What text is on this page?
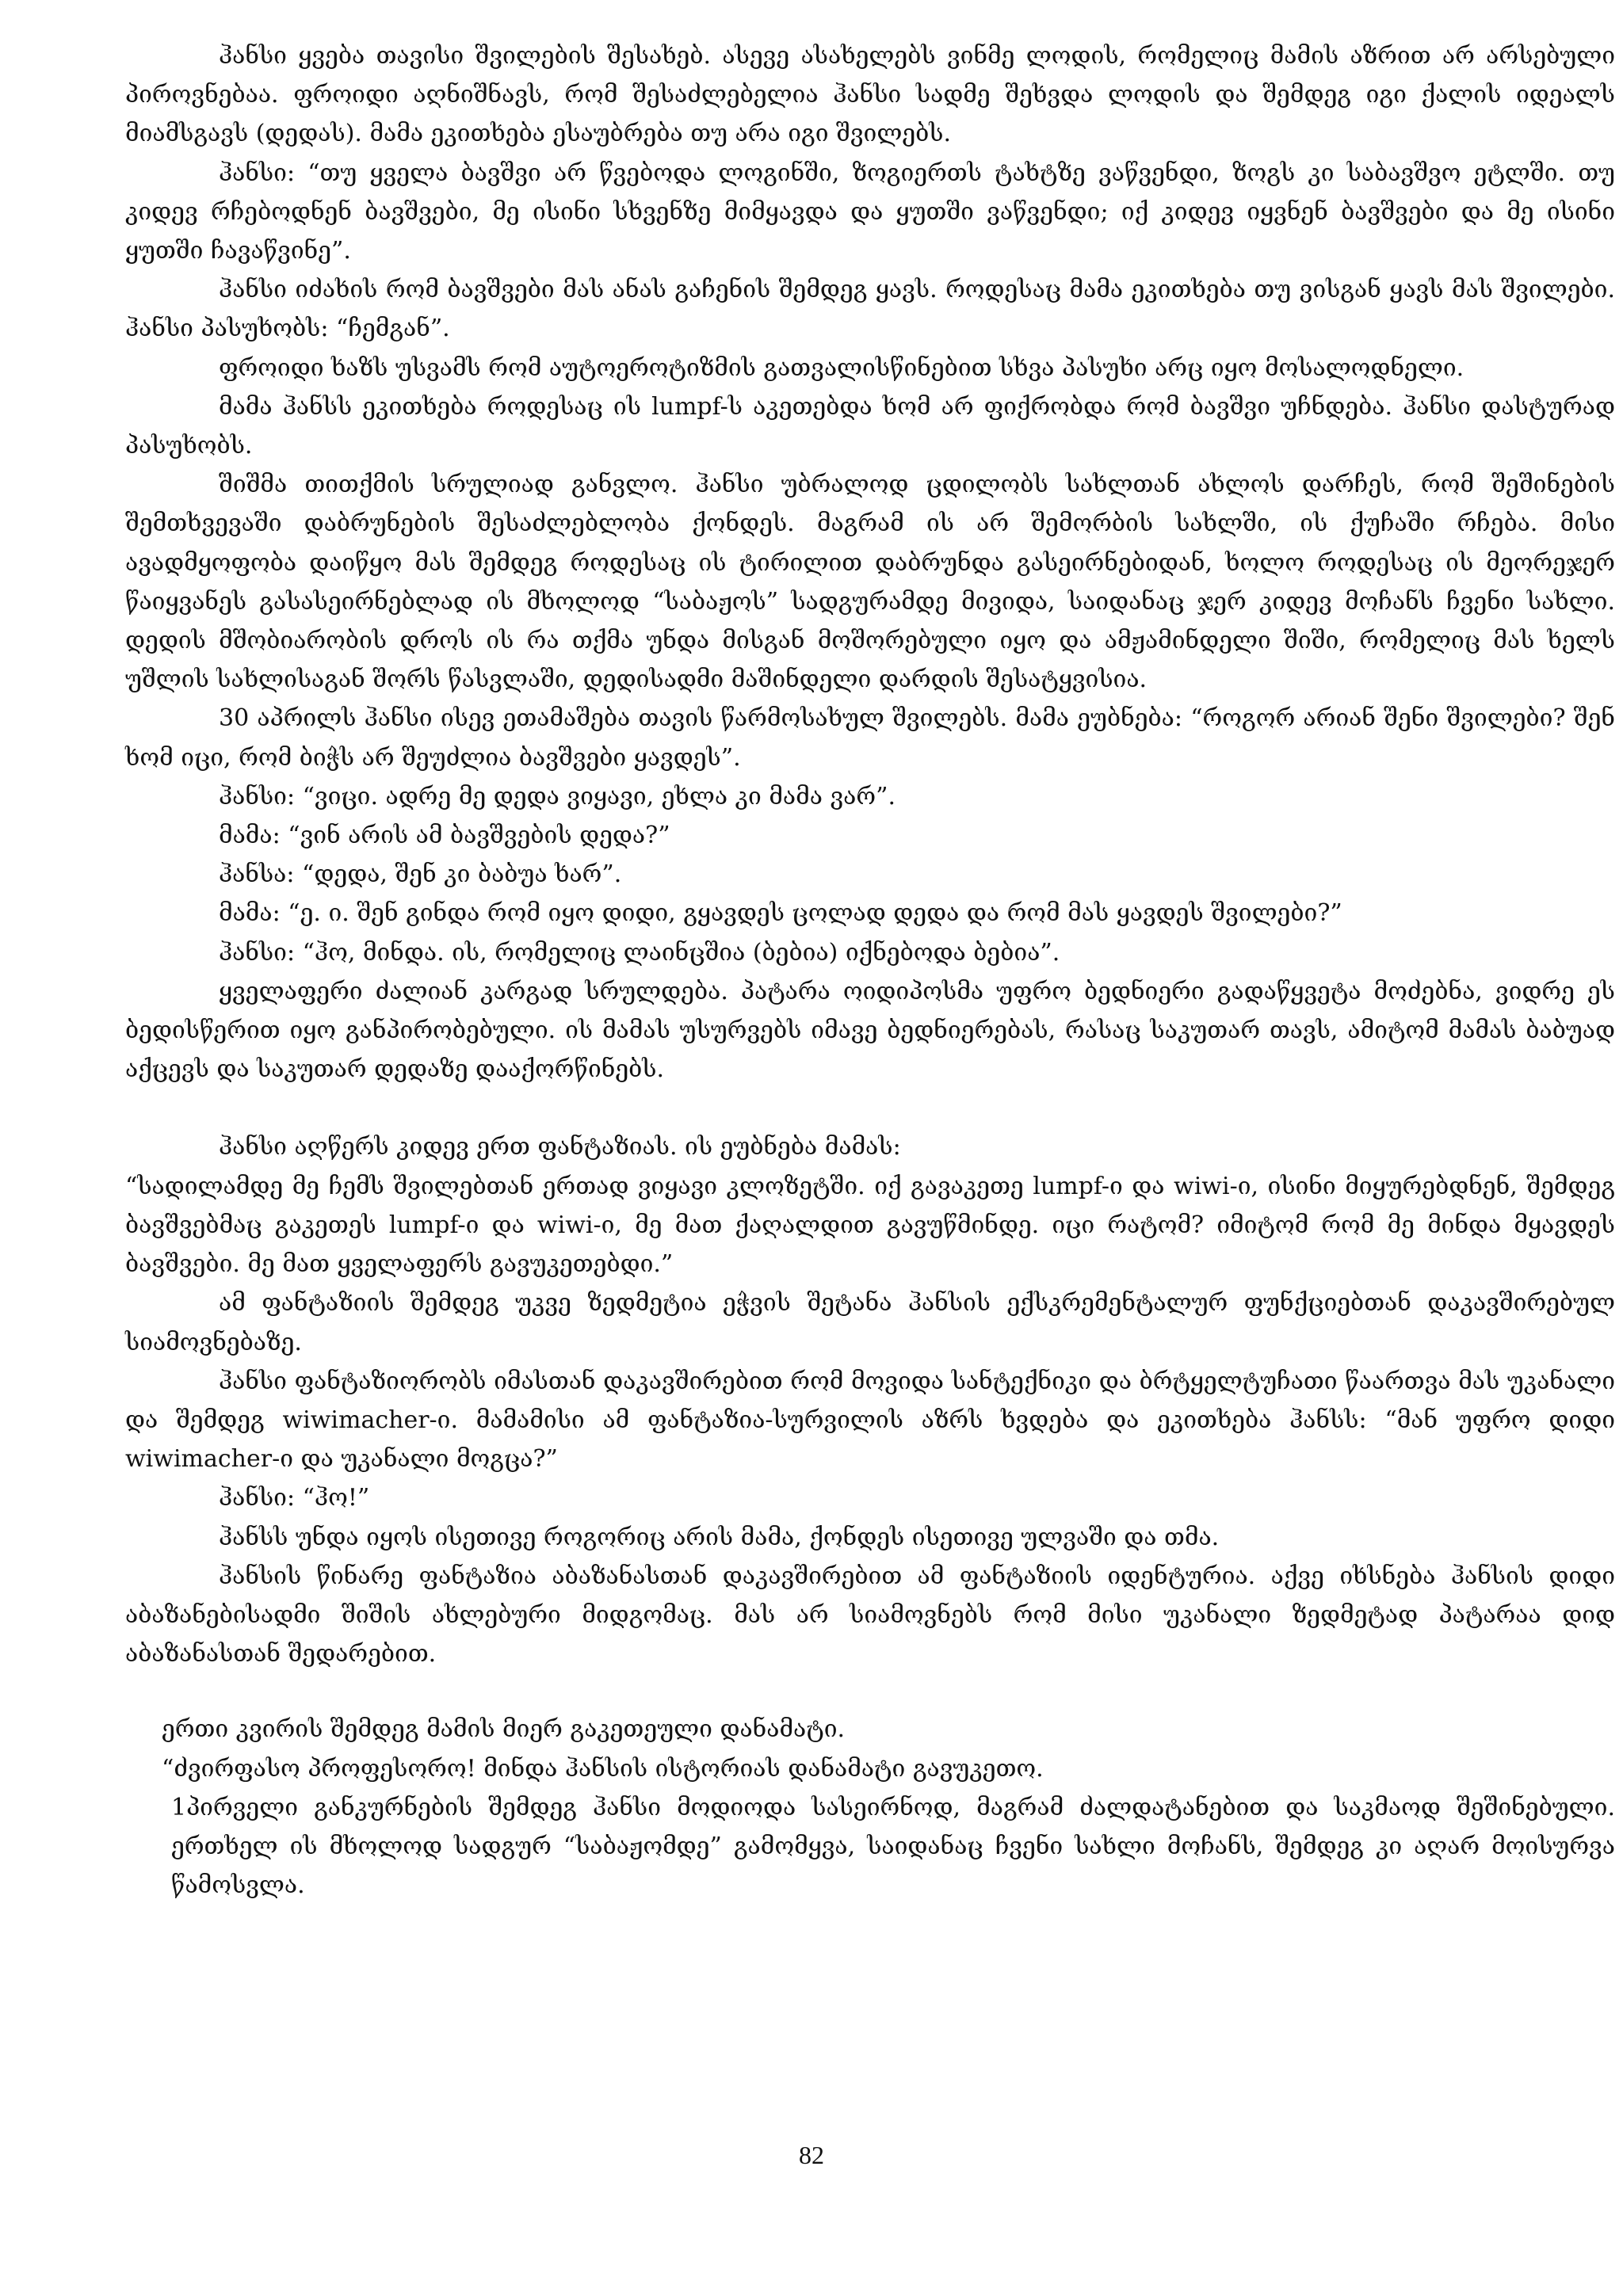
ჰანსი ყვება თავისი შვილების შესახებ. ასევე ასახელებს ვინმე ლოდის, რომელიც მამის აზრით არ არსებული პიროვნებაა. ფროიდი აღნიშნავს, რომ შესაძლებელია ჰანსი სადმე შეხვდა ლოდის და შემდეგ იგი ქალის იდეალს მიამსგავს (დედას). მამა ეკითხება ესაუბრება თუ არა იგი შვილებს.

ჰანსი: “თუ ყველა ბავშვი არ წვებოდა ლოგინში, ზოგიერთს ტახტზე ვაწვენდი, ზოგს კი საბავშვო ეტლში. თუ კიდევ რჩებოდნენ ბავშვები, მე ისინი სხვენზე მიმყავდა და ყუთში ვაწვენდი; იქ კიდევ იყვნენ ბავშვები და მე ისინი ყუთში ჩავაწვინე”.

ჰანსი იძახის რომ ბავშვები მას ანას გაჩენის შემდეგ ყავს. როდესაც მამა ეკითხება თუ ვისგან ყავს მას შვილები. ჰანსი პასუხობს: “ჩემგან”.

ფროიდი ხაზს უსვამს რომ აუტოეროტიზმის გათვალისწინებით სხვა პასუხი არც იყო მოსალოდნელი.

მამა ჰანსს ეკითხება როდესაც ის lumpf-ს აკეთებდა ხომ არ ფიქრობდა რომ ბავშვი უჩნდება. ჰანსი დასტურად პასუხობს.

შიშმა თითქმის სრულიად განვლო. ჰანსი უბრალოდ ცდილობს სახლთან ახლოს დარჩეს, რომ შეშინების შემთხვევაში დაბრუნების შესაძლებლობა ქონდეს. მაგრამ ის არ შემორბის სახლში, ის ქუჩაში რჩება. მისი ავადმყოფობა დაიწყო მას შემდეგ როდესაც ის ტირილით დაბრუნდა გასეირნებიდან, ხოლო როდესაც ის მეორეჯერ წაიყვანეს გასასეირნებლად ის მხოლოდ “საბაჟოს” სადგურამდე მივიდა, საიდანაც ჯერ კიდევ მოჩანს ჩვენი სახლი. დედის მშობიარობის დროს ის რა თქმა უნდა მისგან მოშორებული იყო და ამჟამინდელი შიში, რომელიც მას ხელს უშლის სახლისაგან შორს წასვლაში, დედისადმი მაშინდელი დარდის შესატყვისია.

30 აპრილს ჰანსი ისევ ეთამაშება თავის წარმოსახულ შვილებს. მამა ეუბნება: “როგორ არიან შენი შვილები? შენ ხომ იცი, რომ ბიჭს არ შეუძლია ბავშვები ყავდეს”.

ჰანსი: “ვიცი. ადრე მე დედა ვიყავი, ეხლა კი მამა ვარ”.

მამა: “ვინ არის ამ ბავშვების დედა?”

ჰანსა: “დედა, შენ კი ბაბუა ხარ”.

მამა: “ე. ი. შენ გინდა რომ იყო დიდი, გყავდეს ცოლად დედა და რომ მას ყავდეს შვილები?”

ჰანსი: “ჰო, მინდა. ის, რომელიც ლაინცშია (ბებია) იქნებოდა ბებია”.

ყველაფერი ძალიან კარგად სრულდება. პატარა ოიდიპოსმა უფრო ბედნიერი გადაწყვეტა მოძებნა, ვიდრე ეს ბედისწერით იყო განპირობებული. ის მამას უსურვებს იმავე ბედნიერებას, რასაც საკუთარ თავს, ამიტომ მამას ბაბუად აქცევს და საკუთარ დედაზე დააქორწინებს.

ჰანსი აღწერს კიდევ ერთ ფანტაზიას. ის ეუბნება მამას:

“სადილამდე მე ჩემს შვილებთან ერთად ვიყავი კლოზეტში. იქ გავაკეთე lumpf-ი და wiwi-ი, ისინი მიყურებდნენ, შემდეგ ბავშვებმაც გაკეთეს lumpf-ი და wiwi-ი, მე მათ ქაღალდით გავუწმინდე. იცი რატომ? იმიტომ რომ მე მინდა მყავდეს ბავშვები. მე მათ ყველაფერს გავუკეთებდი.”

ამ ფანტაზიის შემდეგ უკვე ზედმეტია ეჭვის შეტანა ჰანსის ექსკრემენტალურ ფუნქციებთან დაკავშირებულ სიამოვნებაზე.

ჰანსი ფანტაზიორობს იმასთან დაკავშირებით რომ მოვიდა სანტექნიკი და ბრტყელტუჩათი წაართვა მას უკანალი და შემდეგ wiwimacher-ი. მამამისი ამ ფანტაზია-სურვილის აზრს ხვდება და ეკითხება ჰანსს: “მან უფრო დიდი wiwimacher-ი და უკანალი მოგცა?”

ჰანსი: “ჰო!”

ჰანსს უნდა იყოს ისეთივე როგორიც არის მამა, ქონდეს ისეთივე ულვაში და თმა.

ჰანსის წინარე ფანტაზია აბაზანასთან დაკავშირებით ამ ფანტაზიის იდენტურია. აქვე იხსნება ჰანსის დიდი აბაზანებისადმი შიშის ახლებური მიდგომაც. მას არ სიამოვნებს რომ მისი უკანალი ზედმეტად პატარაა დიდ აბაზანასთან შედარებით.

ერთი კვირის შემდეგ მამის მიერ გაკეთეული დანამატი.

“ძვირფასო პროფესორო! მინდა ჰანსის ისტორიას დანამატი გავუკეთო.

1პირველი განკურნების შემდეგ ჰანსი მოდიოდა სასეირნოდ, მაგრამ ძალდატანებით და საკმაოდ შეშინებული. ერთხელ ის მხოლოდ სადგურ “საბაჟომდე” გამომყვა, საიდანაც ჩვენი სახლი მოჩანს, შემდეგ კი აღარ მოისურვა წამოსვლა.

82
